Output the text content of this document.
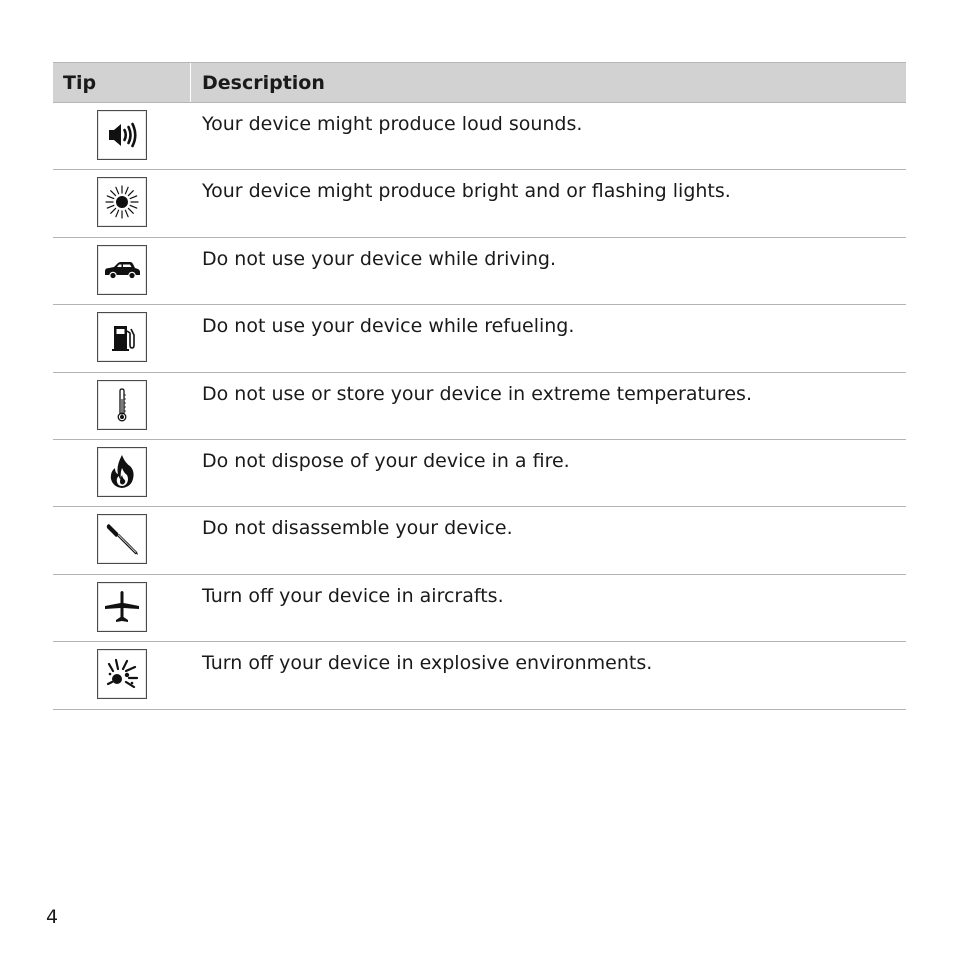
Tip	Description
Your device might produce loud sounds.
Your device might produce bright and or flashing lights.
Do not use your device while driving.
Do not use your device while refueling.
Do not use or store your device in extreme temperatures.
Do not dispose of your device in a fire.
Do not disassemble your device.
Turn off your device in aircrafts.
Turn off your device in explosive environments.
4
